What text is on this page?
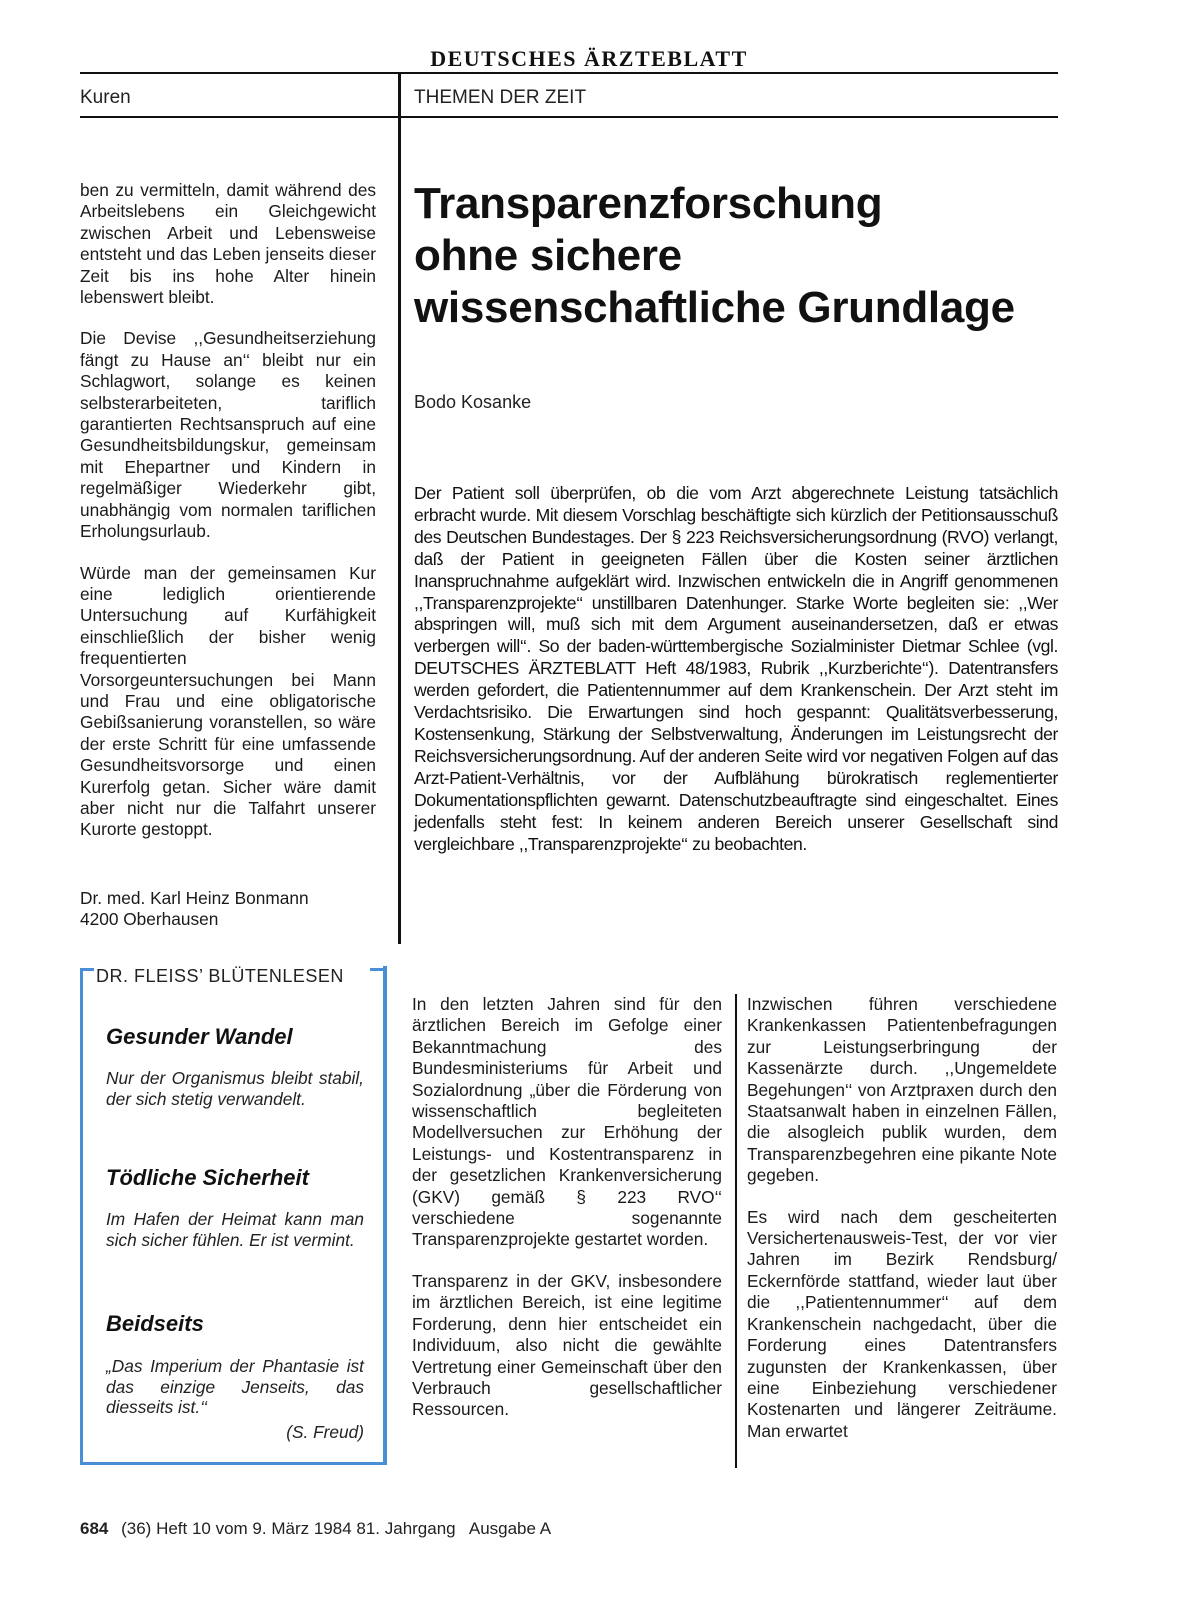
DEUTSCHES ÄRZTEBLATT
Kuren	THEMEN DER ZEIT

ben zu vermitteln, damit während des Arbeitslebens ein Gleichgewicht zwischen Arbeit und Lebensweise entsteht und das Leben jenseits dieser Zeit bis ins hohe Alter hinein lebenswert bleibt.

Die Devise ,,Gesundheitserziehung fängt zu Hause an‘‘ bleibt nur ein Schlagwort, solange es keinen selbsterarbeiteten, tariflich garantierten Rechtsanspruch auf eine Gesundheitsbildungskur, gemeinsam mit Ehepartner und Kindern in regelmäßiger Wiederkehr gibt, unabhängig vom normalen tariflichen Erholungsurlaub.

Würde man der gemeinsamen Kur eine lediglich orientierende Untersuchung auf Kurfähigkeit einschließlich der bisher wenig frequentierten Vorsorgeuntersuchungen bei Mann und Frau und eine obligatorische Gebißsanierung voranstellen, so wäre der erste Schritt für eine umfassende Gesundheitsvorsorge und einen Kurerfolg getan. Sicher wäre damit aber nicht nur die Talfahrt unserer Kurorte gestoppt.

Dr. med. Karl Heinz Bonmann
4200 Oberhausen
Transparenzforschung
ohne sichere
wissenschaftliche Grundlage
Bodo Kosanke
Der Patient soll überprüfen, ob die vom Arzt abgerechnete Leistung tatsächlich erbracht wurde. Mit diesem Vorschlag beschäftigte sich kürzlich der Petitionsausschuß des Deutschen Bundestages. Der § 223 Reichsversicherungsordnung (RVO) verlangt, daß der Patient in geeigneten Fällen über die Kosten seiner ärztlichen Inanspruchnahme aufgeklärt wird. Inzwischen entwickeln die in Angriff genommenen ,,Transparenzprojekte‘‘ unstillbaren Datenhunger. Starke Worte begleiten sie: ,,Wer abspringen will, muß sich mit dem Argument auseinandersetzen, daß er etwas verbergen will‘‘. So der baden-württembergische Sozialminister Dietmar Schlee (vgl. DEUTSCHES ÄRZTEBLATT Heft 48/1983, Rubrik ,,Kurzberichte‘‘). Datentransfers werden gefordert, die Patientennummer auf dem Krankenschein. Der Arzt steht im Verdachtsrisiko. Die Erwartungen sind hoch gespannt: Qualitätsverbesserung, Kostensenkung, Stärkung der Selbstverwaltung, Änderungen im Leistungsrecht der Reichsversicherungsordnung. Auf der anderen Seite wird vor negativen Folgen auf das Arzt-Patient-Verhältnis, vor der Aufblähung bürokratisch reglementierter Dokumentationspflichten gewarnt. Datenschutzbeauftragte sind eingeschaltet. Eines jedenfalls steht fest: In keinem anderen Bereich unserer Gesellschaft sind vergleichbare ,,Transparenzprojekte‘‘ zu beobachten.
DR. FLEISS’ BLÜTENLESEN
Gesunder Wandel
Nur der Organismus bleibt stabil, der sich stetig verwandelt.
Tödliche Sicherheit
Im Hafen der Heimat kann man sich sicher fühlen. Er ist vermint.
Beidseits
„Das Imperium der Phantasie ist das einzige Jenseits, das diesseits ist.‘‘
(S. Freud)

In den letzten Jahren sind für den ärztlichen Bereich im Gefolge einer Bekanntmachung des Bundesministeriums für Arbeit und Sozialordnung „über die Förderung von wissenschaftlich begleiteten Modellversuchen zur Erhöhung der Leistungs- und Kostentransparenz in der gesetzlichen Krankenversicherung (GKV) gemäß § 223 RVO‘‘ verschiedene sogenannte Transparenzprojekte gestartet worden.

Transparenz in der GKV, insbesondere im ärztlichen Bereich, ist eine legitime Forderung, denn hier entscheidet ein Individuum, also nicht die gewählte Vertretung einer Gemeinschaft über den Verbrauch gesellschaftlicher Ressourcen.

Inzwischen führen verschiedene Krankenkassen Patientenbefragungen zur Leistungserbringung der Kassenärzte durch. ,,Ungemeldete Begehungen‘‘ von Arztpraxen durch den Staatsanwalt haben in einzelnen Fällen, die alsogleich publik wurden, dem Transparenzbegehren eine pikante Note gegeben.

Es wird nach dem gescheiterten Versichertenausweis-Test, der vor vier Jahren im Bezirk Rendsburg/ Eckernförde stattfand, wieder laut über die ,,Patientennummer‘‘ auf dem Krankenschein nachgedacht, über die Forderung eines Datentransfers zugunsten der Krankenkassen, über eine Einbeziehung verschiedener Kostenarten und längerer Zeiträume. Man erwartet

684 (36) Heft 10 vom 9. März 1984 81. Jahrgang   Ausgabe A
